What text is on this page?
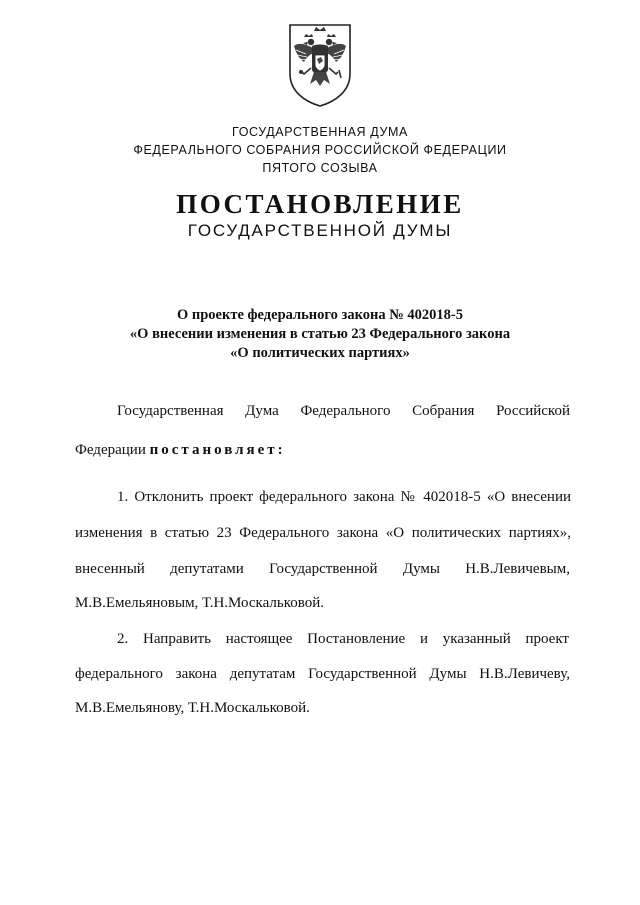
ГОСУДАРСТВЕННАЯ ДУМА
ФЕДЕРАЛЬНОГО СОБРАНИЯ РОССИЙСКОЙ ФЕДЕРАЦИИ
ПЯТОГО СОЗЫВА
ПОСТАНОВЛЕНИЕ
ГОСУДАРСТВЕННОЙ ДУМЫ
О проекте федерального закона № 402018-5
«О внесении изменения в статью 23 Федерального закона
«О политических партиях»
Государственная Дума Федерального Собрания Российской
Федерации постановляет:
1. Отклонить проект федерального закона № 402018-5 «О внесении
изменения в статью 23 Федерального закона «О политических партиях»,
внесенный депутатами Государственной Думы Н.В.Левичевым,
М.В.Емельяновым, Т.Н.Москальковой.
2. Направить настоящее Постановление и указанный проект
федерального закона депутатам Государственной Думы Н.В.Левичеву,
М.В.Емельянову, Т.Н.Москальковой.
